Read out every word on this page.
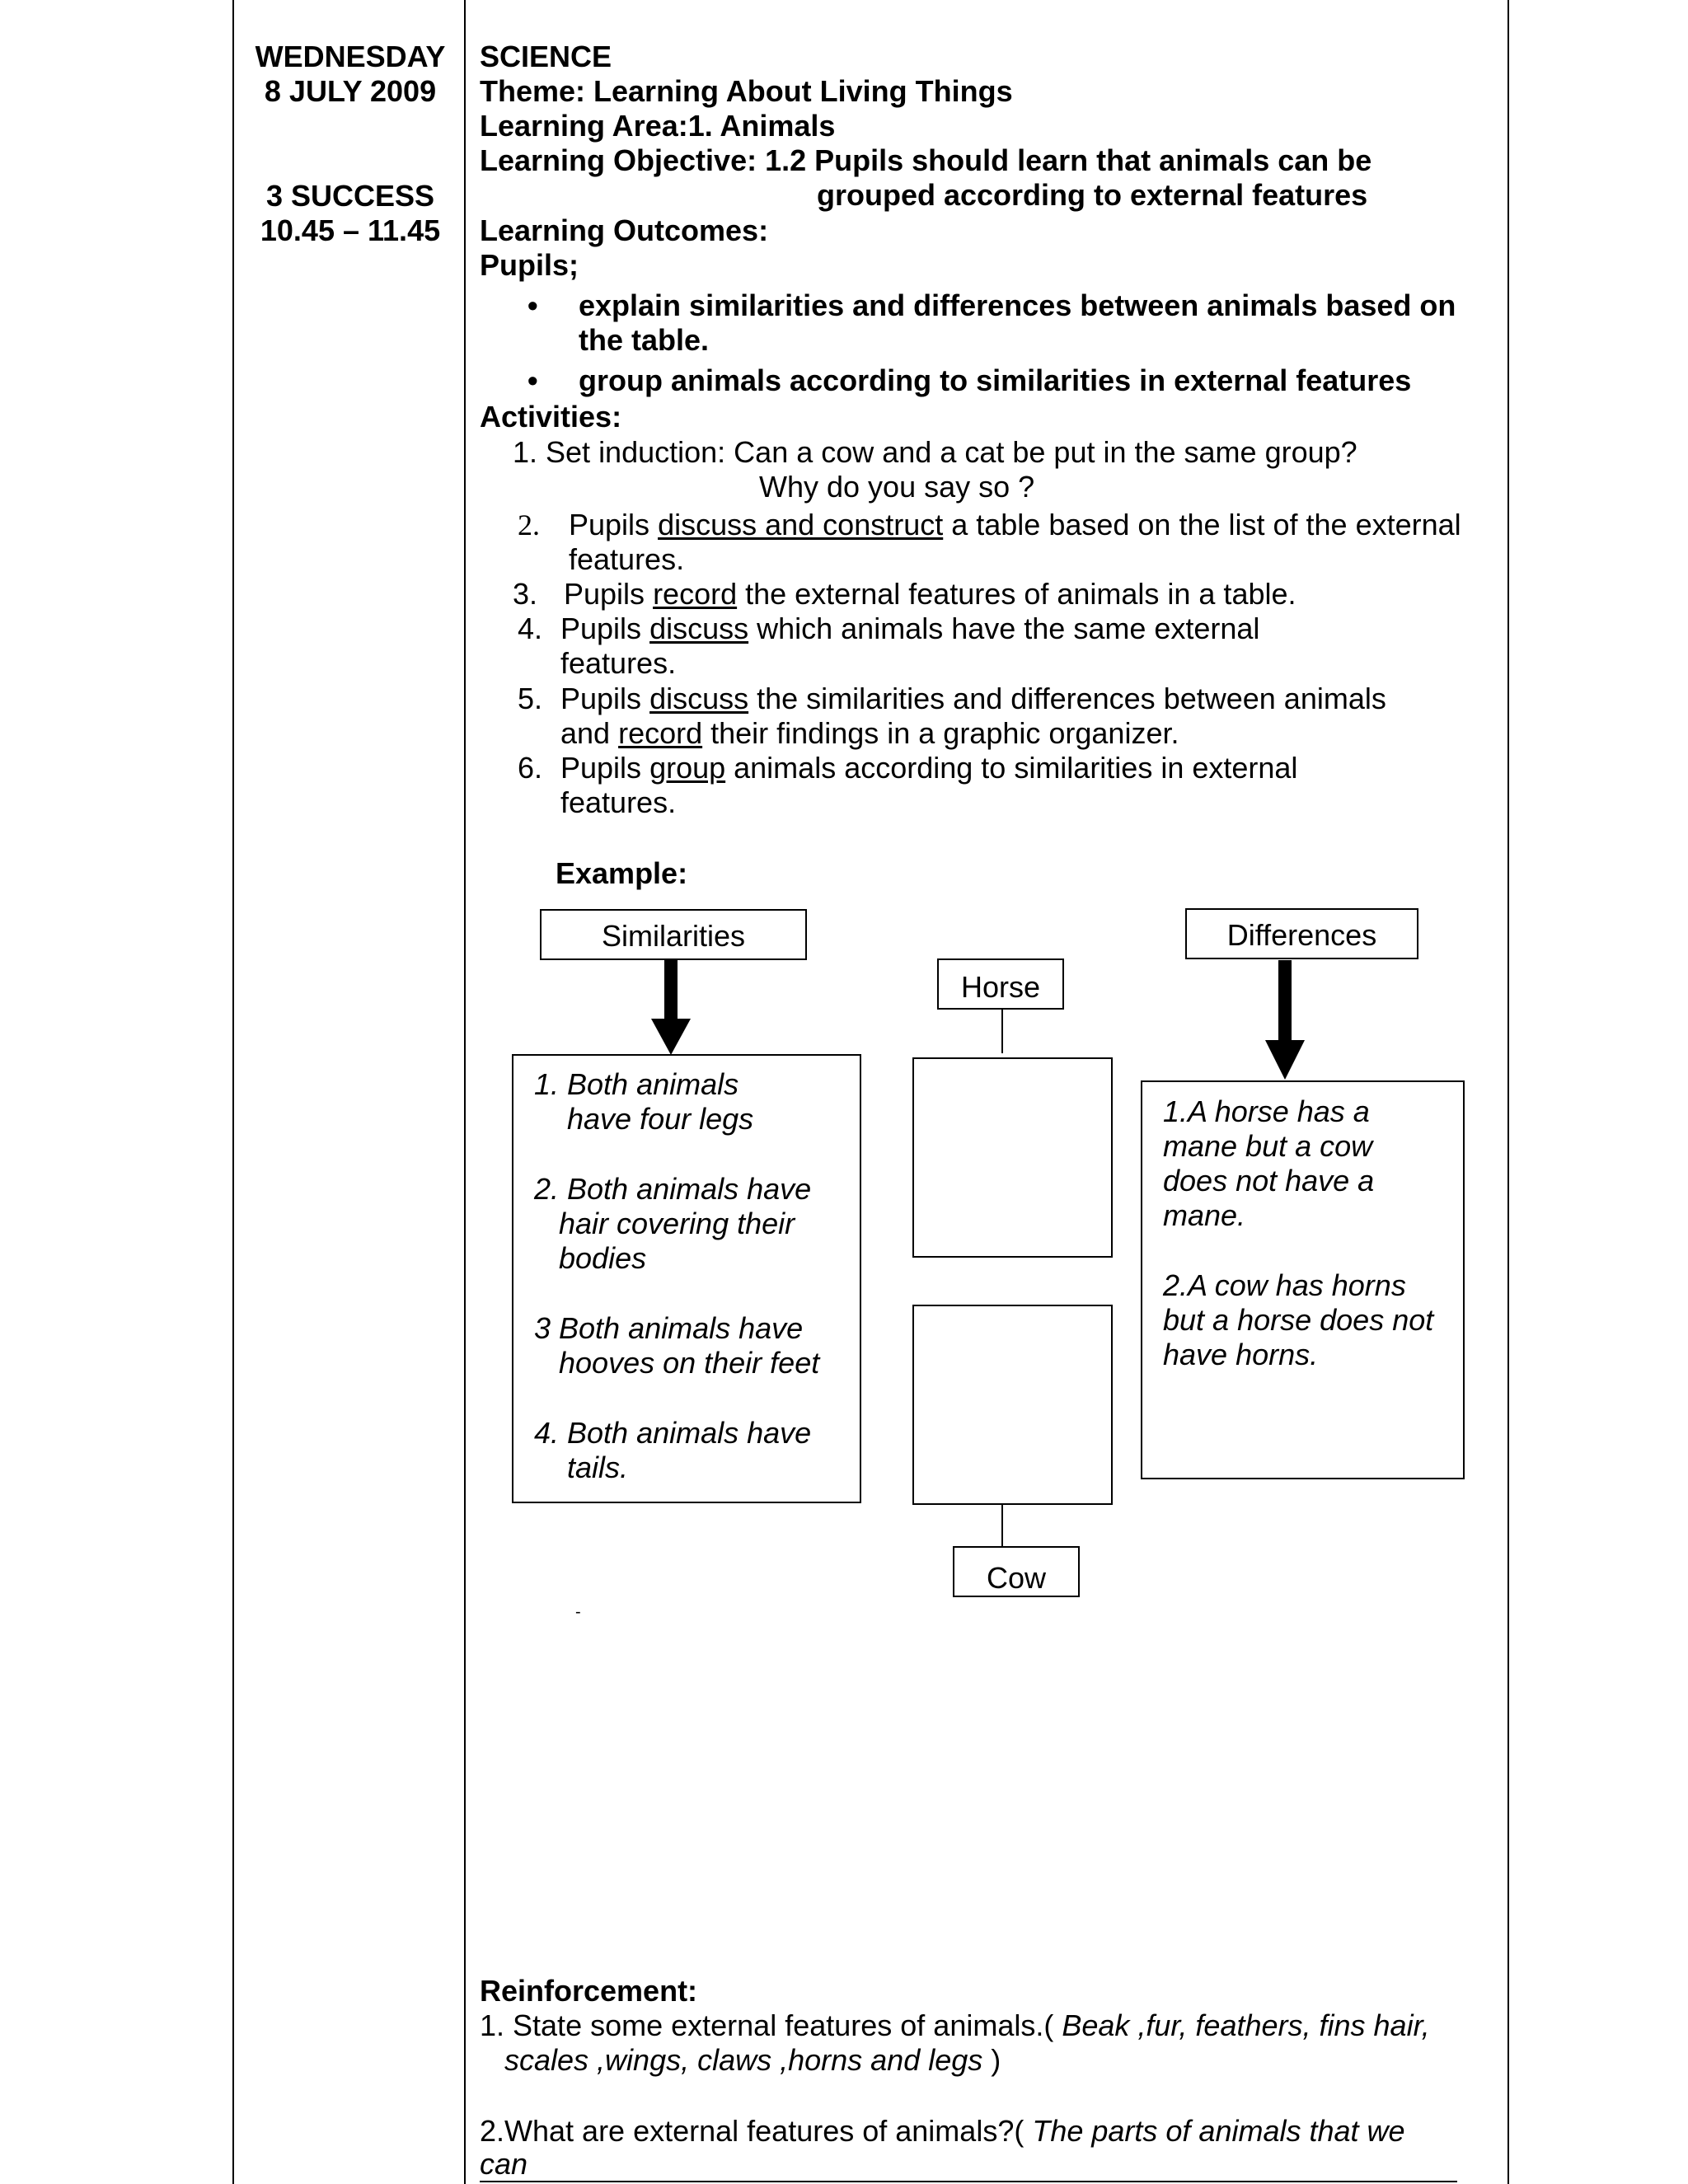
WEDNESDAY
8 JULY 2009
3 SUCCESS
10.45 – 11.45
SCIENCE
Theme: Learning About Living Things
Learning Area:1. Animals
Learning Objective: 1.2 Pupils should learn that animals can be
grouped according to external features
Learning Outcomes:
Pupils;
• explain similarities and differences between animals based on
the table.
• group animals according to similarities in external features
Activities:
1. Set induction: Can a cow and a cat be put in the same group?
Why do you say so ?
2. Pupils discuss and construct a table based on the list of the external
features.
3. Pupils record the external features of animals in a table.
4. Pupils discuss which animals have the same external
features.
5. Pupils discuss the similarities and differences between animals
and record their findings in a graphic organizer.
6. Pupils group animals according to similarities in external
features.
Example:
Similarities	Differences
Horse
Cow
1. Both animals
have four legs
2. Both animals have
hair covering their
bodies
3 Both animals have
hooves on their feet
4. Both animals have
tails.
1.A horse has a
mane but a cow
does not have a
mane.
2.A cow has horns
but a horse does not
have horns.
-
Reinforcement:
1. State some external features of animals.( Beak ,fur, feathers, fins hair,
scales ,wings, claws ,horns and legs )
2.What are external features of animals?( The parts of animals that we
can
